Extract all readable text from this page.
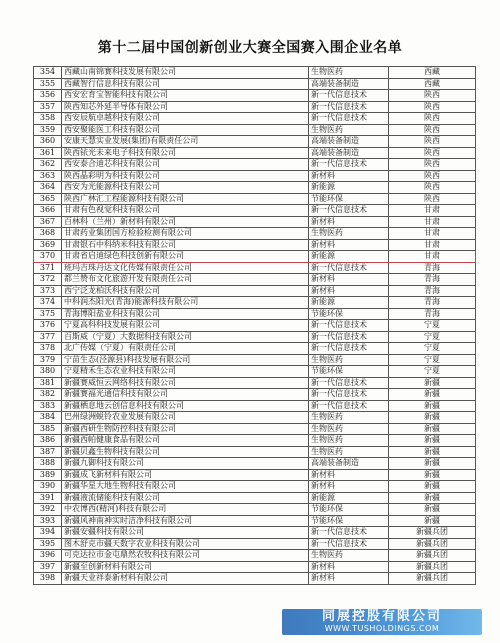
第十二届中国创新创业大赛全国赛入围企业名单
354	西藏山南锦赛科技发展有限公司	生物医药	西藏
355	西藏智行信息科技有限公司	高端装备制造	西藏
356	西安宏育宝智能科技有限公司	新一代信息技术	陕西
357	陕西知芯外延半导体有限公司	新一代信息技术	陕西
358	西安辰航卓越科技有限公司	新一代信息技术	陕西
359	西安聚能医工科技有限公司	生物医药	陕西
360	安康天慧实业发展(集团)有限责任公司	高端装备制造	陕西
361	陕西铱光未来电子科技有限公司	高端装备制造	陕西
362	西安泰合迪芯科技有限公司	新一代信息技术	陕西
363	陕西晶彩明为科技有限公司	新材料	陕西
364	西安为光能源科技有限公司	新能源	陕西
365	陕西广林汇工程能源科技有限公司	节能环保	陕西
366	甘肃有色视觉科技有限公司	新一代信息技术	甘肃
367	百林科（兰州）新材料有限公司	新材料	甘肃
368	甘肃药业集团国方检验检测有限公司	生物医药	甘肃
369	甘肃银石中科纳米科技有限公司	新材料	甘肃
370	甘肃省启迪绿色科技创新有限公司	新能源	甘肃
371	班玛吉珠丹达文化传媒有限责任公司	新一代信息技术	青海
372	都兰赞布文化旅游开发有限责任公司	新材料	青海
373	西宁泛龙柏沃科技有限公司	新材料	青海
374	中科润杰阳光(青海)能源科技有限公司	新能源	青海
375	青海博阳盐业科技有限公司	节能环保	青海
376	宁夏高科科技发展有限公司	新一代信息技术	宁夏
377	百斯威（宁夏）大数据科技有限公司	新一代信息技术	宁夏
378	北广传媒（宁夏）有限责任公司	新一代信息技术	宁夏
379	宁苗生态(泾源县)科技发展有限公司	生物医药	宁夏
380	宁夏精禾生态农业科技有限公司	节能环保	宁夏
381	新疆赛威恒云网络科技有限公司	新一代信息技术	新疆
382	新疆赛福光通信科技有限公司	新一代信息技术	新疆
383	新疆栖息地云创信息科技有限公司	新一代信息技术	新疆
384	巴州绿洲蜕铃农业发展有限公司	生物医药	新疆
385	新疆西研生物防控科技有限公司	生物医药	新疆
386	新疆西帕健康食品有限公司	生物医药	新疆
387	新疆贝鑫生物科技有限公司	生物医药	新疆
388	新疆九御科技有限公司	高端装备制造	新疆
389	新疆成飞新材料有限公司	新材料	新疆
390	新疆华星大地生物科技有限公司	新材料	新疆
391	新疆液流储能科技有限公司	新能源	新疆
392	中农博西(精河)科技有限公司	节能环保	新疆
393	新疆风神南神实时洁净科技有限公司	节能环保	新疆
394	新疆安疆科技有限公司	新一代信息技术	新疆兵团
395	图木舒克市疆天数字农业科技有限公司	新一代信息技术	新疆兵团
396	可克达拉市金屯鼎然农牧科技有限公司	生物医药	新疆兵团
397	新疆至创新材料有限公司	新材料	新疆兵团
398	新疆天业祥泰新材料有限公司	新材料	新疆兵团
同展控股有限公司
WWW.TUSHOLDINGS.COM
